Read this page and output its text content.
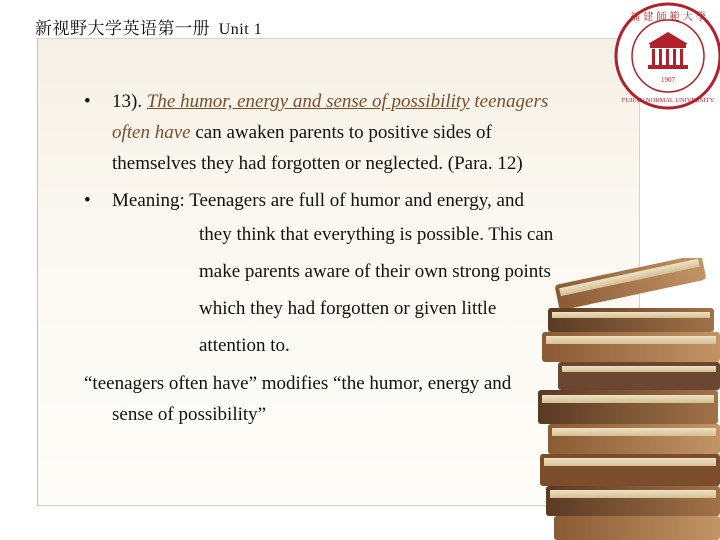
新视野大学英语第一册 Unit 1
1907
福 建 師 範 大 學
FUJIAN NORMAL UNIVERSITY
• 13). The humor, energy and sense of possibility teenagers
often have can awaken parents to positive sides of
themselves they had forgotten or neglected. (Para. 12)
• Meaning: Teenagers are full of humor and energy, and
they think that everything is possible. This can
make parents aware of their own strong points
which they had forgotten or given little
attention to.
“teenagers often have” modifies “the humor, energy and
sense of possibility”
